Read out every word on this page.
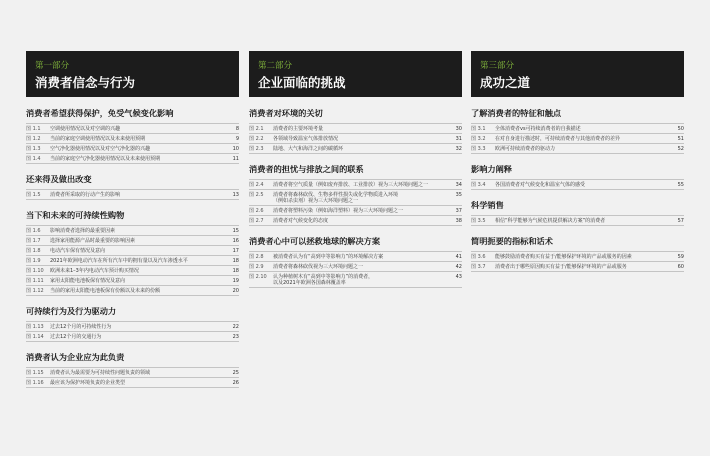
第一部分
消费者信念与行为
消费者希望获得保护，免受气候变化影响
图 1.1	空调使用情况以及对空调的兴趣	8
图 1.2	当前的家庭空调使用情况以及未来使用预期	9
图 1.3	空气净化器使用情况以及对空气净化器的兴趣	10
图 1.4	当前的家庭空气净化器使用情况以及未来使用预期	11
还来得及做出改变
图 1.5	消费者所采取的行动产生的影响	13
当下和未来的可持续性购物
图 1.6	影响消费者选择的最重要因素	15
图 1.7	选择家用能源产品时最重要的影响因素	16
图 1.8	电动汽车保有情况及意向	17
图 1.9	2021年欧洲电动汽车在所有汽车中的拥有量以及汽车渗透水平	18
图 1.10	欧洲未来1–3年内电动汽车预计购买情况	18
图 1.11	家用太阳能电池板保有情况及意向	19
图 1.12	当前的家用太阳能电池板保有份额以及未来的份额	20
可持续行为及行为驱动力
图 1.13	过去12个月的可持续性行为	22
图 1.14	过去12个月的交通行为	23
消费者认为企业应为此负责
图 1.15	消费者认为最需要为可持续性问题负责的领域	25
图 1.16	最应该为保护环境负责的企业类型	26
第二部分
企业面临的挑战
消费者对环境的关切
图 2.1	消费者的主要环境考量	30
图 2.2	各领域导致温室气体排放情况	31
图 2.3	陆地、大气和海洋之间的碳循环	32
消费者的担忧与排放之间的联系
图 2.4	消费者将空气质量（例如废弃排放、工业排放）视为三大环境问题之一	34
图 2.5	消费者将森林砍伐、生物多样性损失或化学物质进入环境
（例如杀虫剂）视为三大环境问题之一
35
图 2.6	消费者将塑料污染（例如海洋塑料）视为三大环境问题之一	37
图 2.7	消费者对气候变化的态度	38
消费者心中可以拯救地球的解决方案
图 2.8	被消费者认为有“高到中等影响力”的环境解决方案	41
图 2.9	消费者将森林砍伐视为三大环境问题之一	42
图 2.10	认为种植树木有“高到中等影响力”的消费者，
以及2021年欧洲各国森林覆盖率
43
第三部分
成功之道
了解消费者的特征和触点
图 3.1	全体消费者vs可持续消费者的自我描述	50
图 3.2	在对自身进行描述时，可持续消费者与其他消费者的差异	51
图 3.3	欧洲可持续消费者的驱动力	52
影响力阐释
图 3.4	各国消费者对气候变化和温室气体的感受	55
科学销售
图 3.5	相信“科学能够为气候危机提供解决方案”的消费者	57
简明扼要的指标和话术
图 3.6	能够鼓励消费者购买有益于/能够保护环境的产品或服务的因素	59
图 3.7	消费者出于哪些原因购买有益于/能够保护环境的产品或服务	60
